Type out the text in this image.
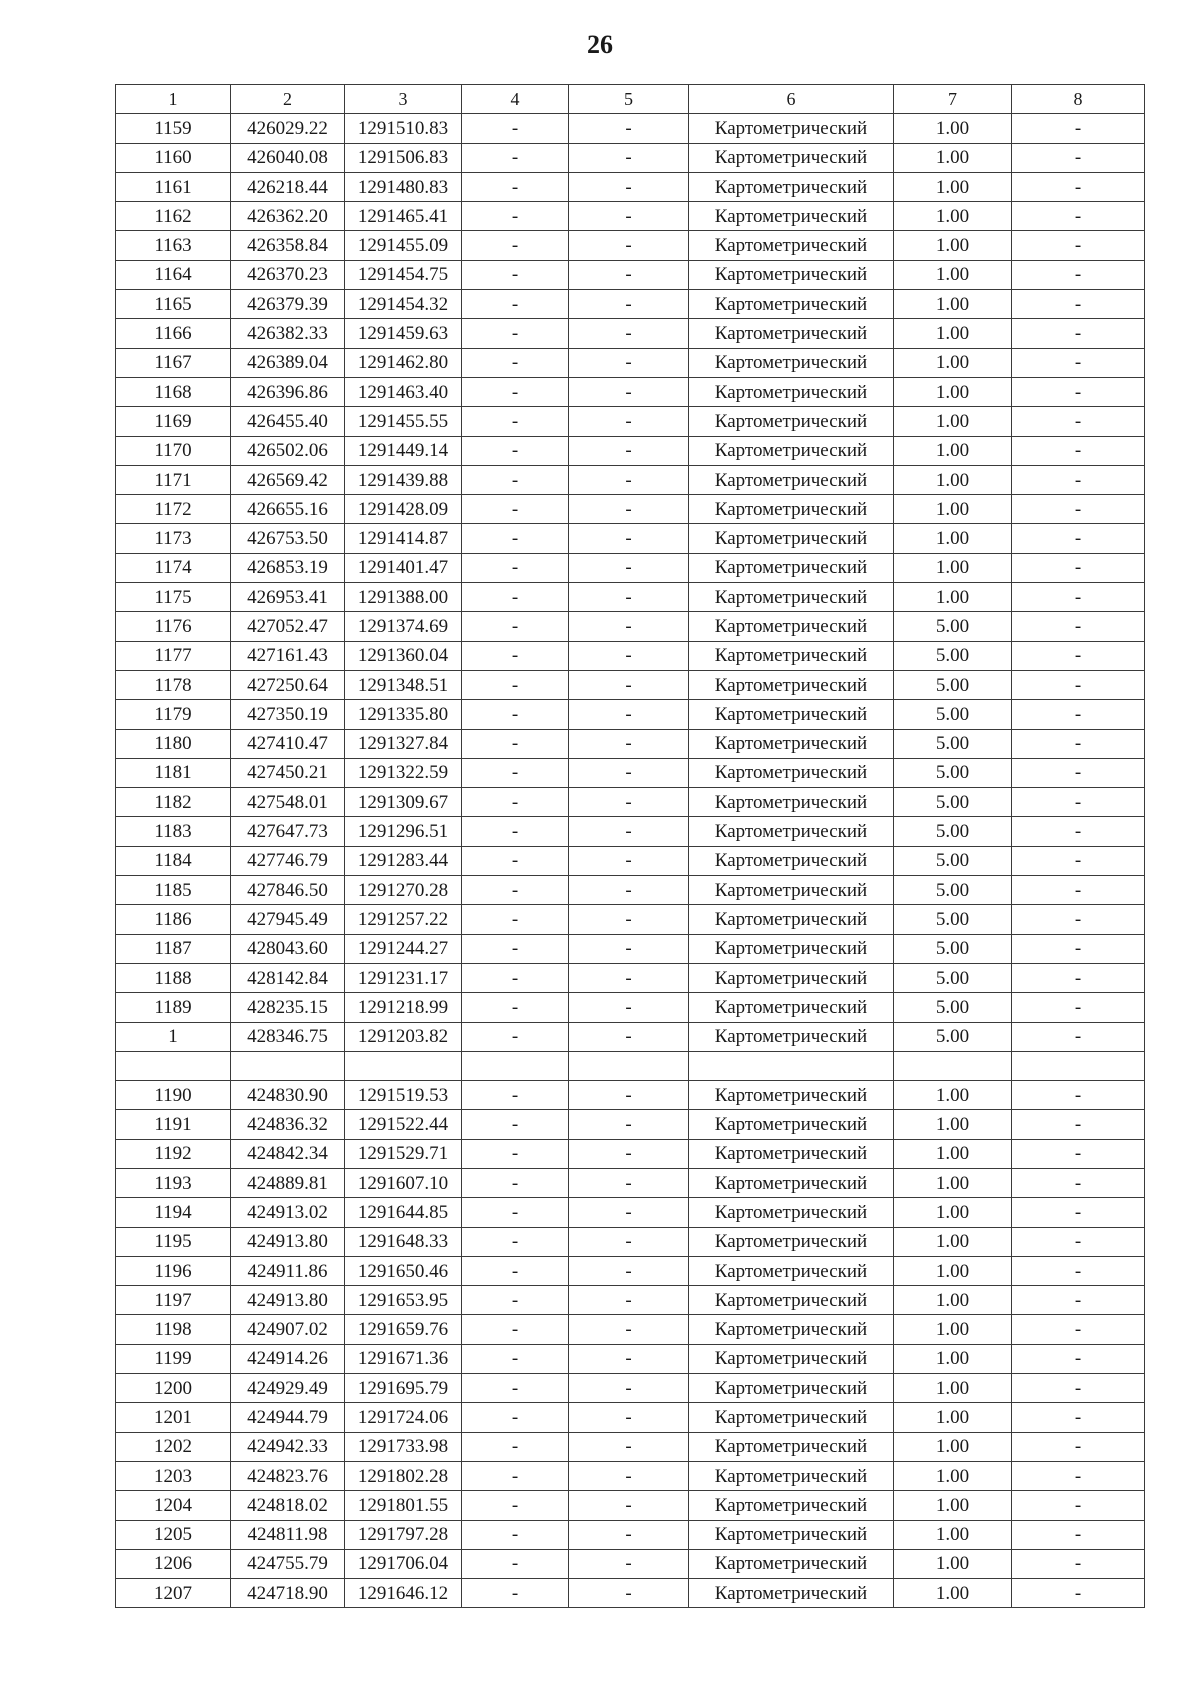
26
1	2	3	4	5	6	7	8
1159	426029.22	1291510.83	-	-	Картометрический	1.00	-
1160	426040.08	1291506.83	-	-	Картометрический	1.00	-
1161	426218.44	1291480.83	-	-	Картометрический	1.00	-
1162	426362.20	1291465.41	-	-	Картометрический	1.00	-
1163	426358.84	1291455.09	-	-	Картометрический	1.00	-
1164	426370.23	1291454.75	-	-	Картометрический	1.00	-
1165	426379.39	1291454.32	-	-	Картометрический	1.00	-
1166	426382.33	1291459.63	-	-	Картометрический	1.00	-
1167	426389.04	1291462.80	-	-	Картометрический	1.00	-
1168	426396.86	1291463.40	-	-	Картометрический	1.00	-
1169	426455.40	1291455.55	-	-	Картометрический	1.00	-
1170	426502.06	1291449.14	-	-	Картометрический	1.00	-
1171	426569.42	1291439.88	-	-	Картометрический	1.00	-
1172	426655.16	1291428.09	-	-	Картометрический	1.00	-
1173	426753.50	1291414.87	-	-	Картометрический	1.00	-
1174	426853.19	1291401.47	-	-	Картометрический	1.00	-
1175	426953.41	1291388.00	-	-	Картометрический	1.00	-
1176	427052.47	1291374.69	-	-	Картометрический	5.00	-
1177	427161.43	1291360.04	-	-	Картометрический	5.00	-
1178	427250.64	1291348.51	-	-	Картометрический	5.00	-
1179	427350.19	1291335.80	-	-	Картометрический	5.00	-
1180	427410.47	1291327.84	-	-	Картометрический	5.00	-
1181	427450.21	1291322.59	-	-	Картометрический	5.00	-
1182	427548.01	1291309.67	-	-	Картометрический	5.00	-
1183	427647.73	1291296.51	-	-	Картометрический	5.00	-
1184	427746.79	1291283.44	-	-	Картометрический	5.00	-
1185	427846.50	1291270.28	-	-	Картометрический	5.00	-
1186	427945.49	1291257.22	-	-	Картометрический	5.00	-
1187	428043.60	1291244.27	-	-	Картометрический	5.00	-
1188	428142.84	1291231.17	-	-	Картометрический	5.00	-
1189	428235.15	1291218.99	-	-	Картометрический	5.00	-
1	428346.75	1291203.82	-	-	Картометрический	5.00	-

1190	424830.90	1291519.53	-	-	Картометрический	1.00	-
1191	424836.32	1291522.44	-	-	Картометрический	1.00	-
1192	424842.34	1291529.71	-	-	Картометрический	1.00	-
1193	424889.81	1291607.10	-	-	Картометрический	1.00	-
1194	424913.02	1291644.85	-	-	Картометрический	1.00	-
1195	424913.80	1291648.33	-	-	Картометрический	1.00	-
1196	424911.86	1291650.46	-	-	Картометрический	1.00	-
1197	424913.80	1291653.95	-	-	Картометрический	1.00	-
1198	424907.02	1291659.76	-	-	Картометрический	1.00	-
1199	424914.26	1291671.36	-	-	Картометрический	1.00	-
1200	424929.49	1291695.79	-	-	Картометрический	1.00	-
1201	424944.79	1291724.06	-	-	Картометрический	1.00	-
1202	424942.33	1291733.98	-	-	Картометрический	1.00	-
1203	424823.76	1291802.28	-	-	Картометрический	1.00	-
1204	424818.02	1291801.55	-	-	Картометрический	1.00	-
1205	424811.98	1291797.28	-	-	Картометрический	1.00	-
1206	424755.79	1291706.04	-	-	Картометрический	1.00	-
1207	424718.90	1291646.12	-	-	Картометрический	1.00	-
